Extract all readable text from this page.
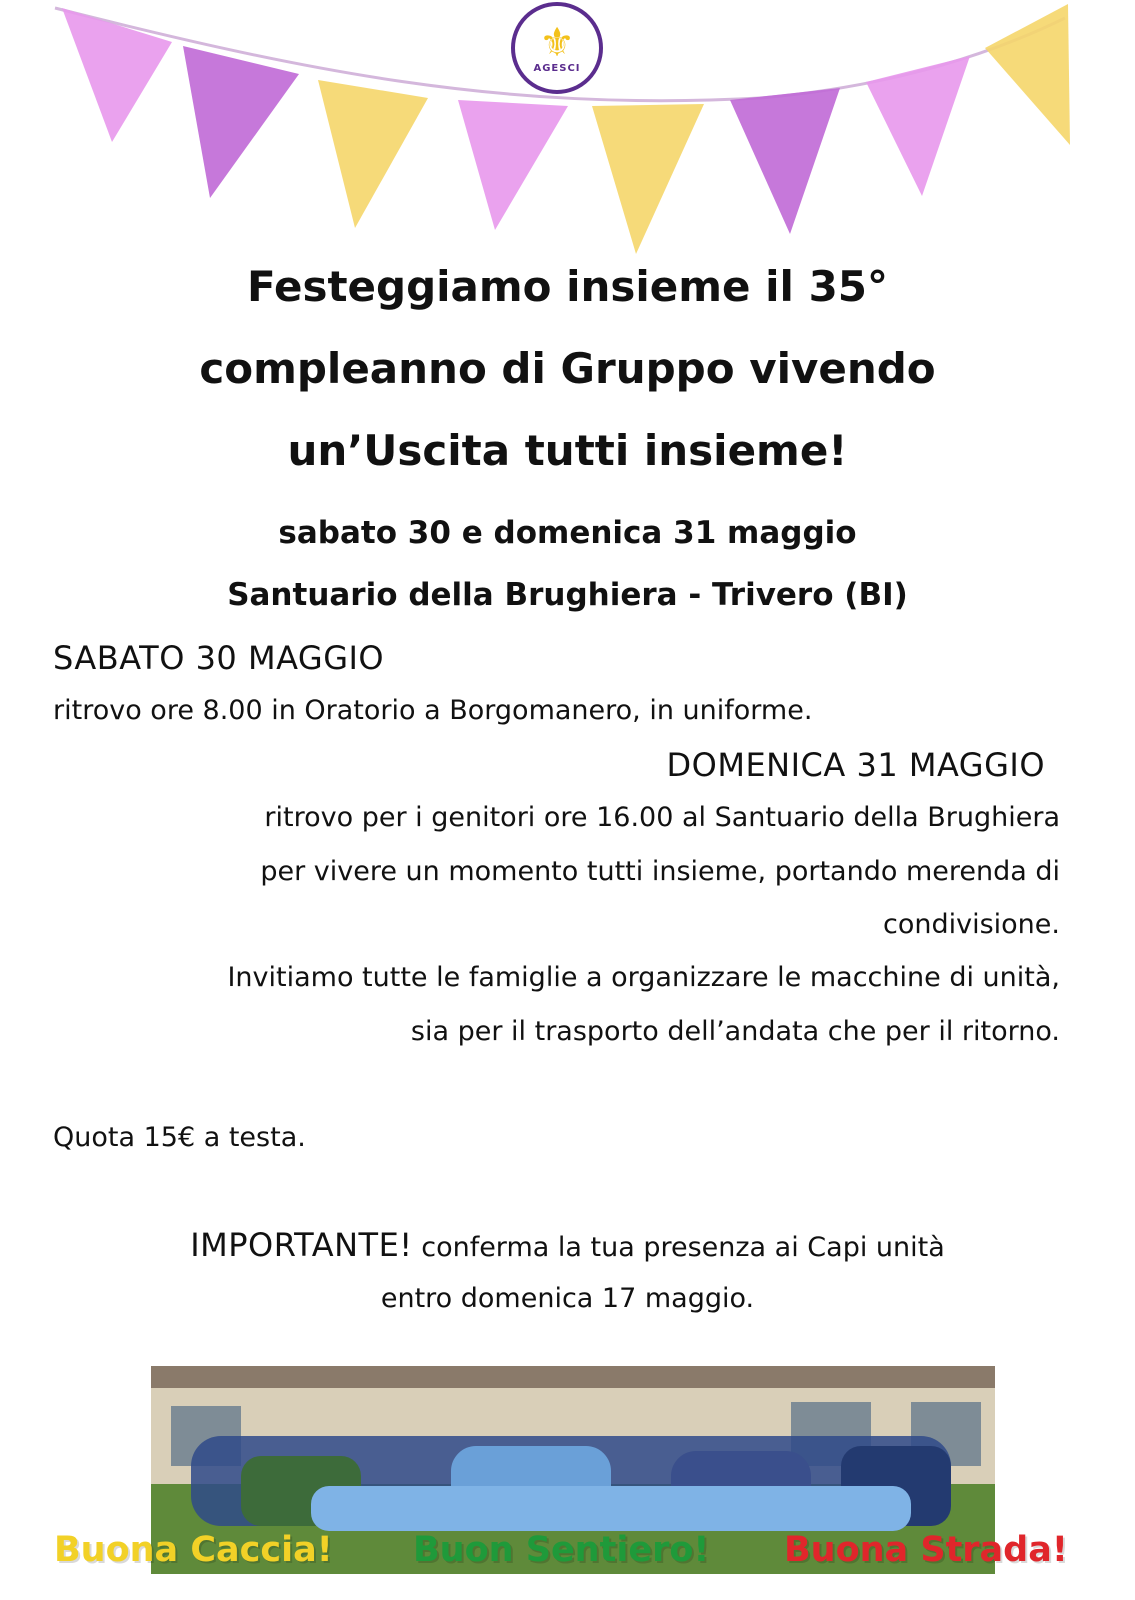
⚜
AGESCI
Festeggiamo insieme il 35°
compleanno di Gruppo vivendo
un’Uscita tutti insieme!
sabato 30 e domenica 31 maggio
Santuario della Brughiera - Trivero (BI)
SABATO 30 MAGGIO
ritrovo ore 8.00 in Oratorio a Borgomanero, in uniforme.
DOMENICA 31 MAGGIO
ritrovo per i genitori ore 16.00 al Santuario della Brughiera
per vivere un momento tutti insieme, portando merenda di
condivisione.
Invitiamo tutte le famiglie a organizzare le macchine di unità,
sia per il trasporto dell’andata che per il ritorno.
Quota 15€ a testa.
IMPORTANTE! conferma la tua presenza ai Capi unità
entro domenica 17 maggio.
Buona Caccia! Buon Sentiero! Buona Strada!
